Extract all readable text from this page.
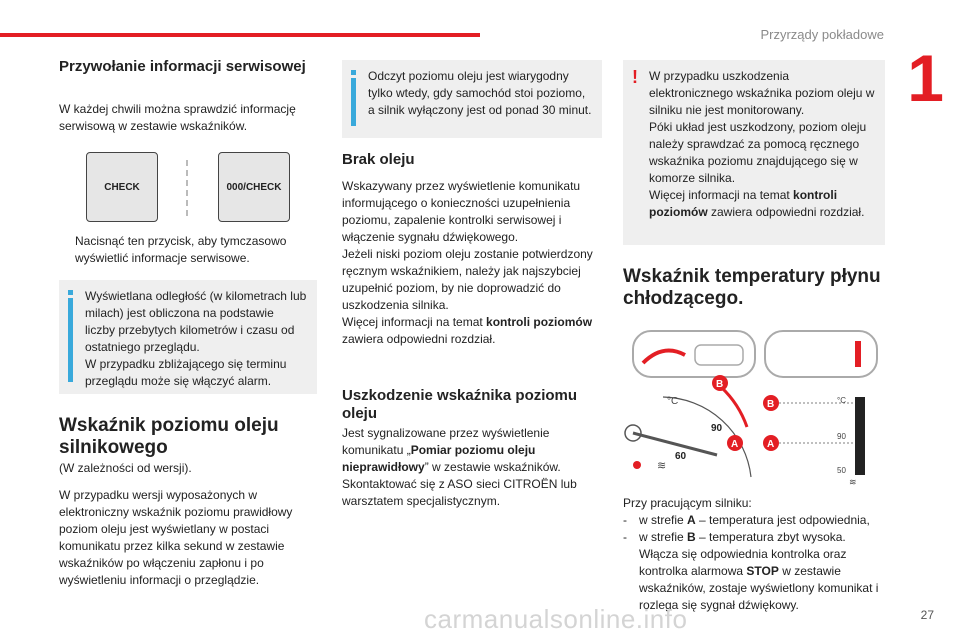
Przyrządy pokładowe
1
Przywołanie informacji serwisowej
W każdej chwili można sprawdzić informację serwisową w zestawie wskaźników.
CHECK	000/CHECK
Nacisnąć ten przycisk, aby tymczasowo wyświetlić informacje serwisowe.

Wyświetlana odległość (w kilometrach lub milach) jest obliczona na podstawie liczby przebytych kilometrów i czasu od ostatniego przeglądu.
W przypadku zbliżającego się terminu przeglądu może się włączyć alarm.

Wskaźnik poziomu oleju silnikowego
(W zależności od wersji).
W przypadku wersji wyposażonych w elektroniczny wskaźnik poziomu prawidłowy poziom oleju jest wyświetlany w postaci komunikatu przez kilka sekund w zestawie wskaźników po włączeniu zapłonu i po wyświetleniu informacji o przeglądzie.

Odczyt poziomu oleju jest wiarygodny tylko wtedy, gdy samochód stoi poziomo, a silnik wyłączony jest od ponad 30 minut.

Brak oleju

Wskazywany przez wyświetlenie komunikatu informującego o konieczności uzupełnienia poziomu, zapalenie kontrolki serwisowej i włączenie sygnału dźwiękowego.
Jeżeli niski poziom oleju zostanie potwierdzony ręcznym wskaźnikiem, należy jak najszybciej uzupełnić poziom, by nie doprowadzić do uszkodzenia silnika.

Więcej informacji na temat kontroli poziomów zawiera odpowiedni rozdział.

Uszkodzenie wskaźnika poziomu oleju

Jest sygnalizowane przez wyświetlenie komunikatu „Pomiar poziomu oleju nieprawidłowy” w zestawie wskaźników.
Skontaktować się z ASO sieci CITROËN lub warsztatem specjalistycznym.

! W przypadku uszkodzenia elektronicznego wskaźnika poziom oleju w silniku nie jest monitorowany.
Póki układ jest uszkodzony, poziom oleju należy sprawdzać za pomocą ręcznego wskaźnika poziomu znajdującego się w komorze silnika.

Więcej informacji na temat kontroli poziomów zawiera odpowiedni rozdział.

Wskaźnik temperatury płynu chłodzącego.
°C
90
60
B
A
≋
B
A
°C
90
50
≋
Przy pracującym silniku:
-	w strefie A – temperatura jest odpowiednia,
-	w strefie B – temperatura zbyt wysoka. Włącza się odpowiednia kontrolka oraz kontrolka alarmowa STOP w zestawie wskaźników, zostaje wyświetlony komunikat i rozlega się sygnał dźwiękowy.
carmanualsonline.info	27
